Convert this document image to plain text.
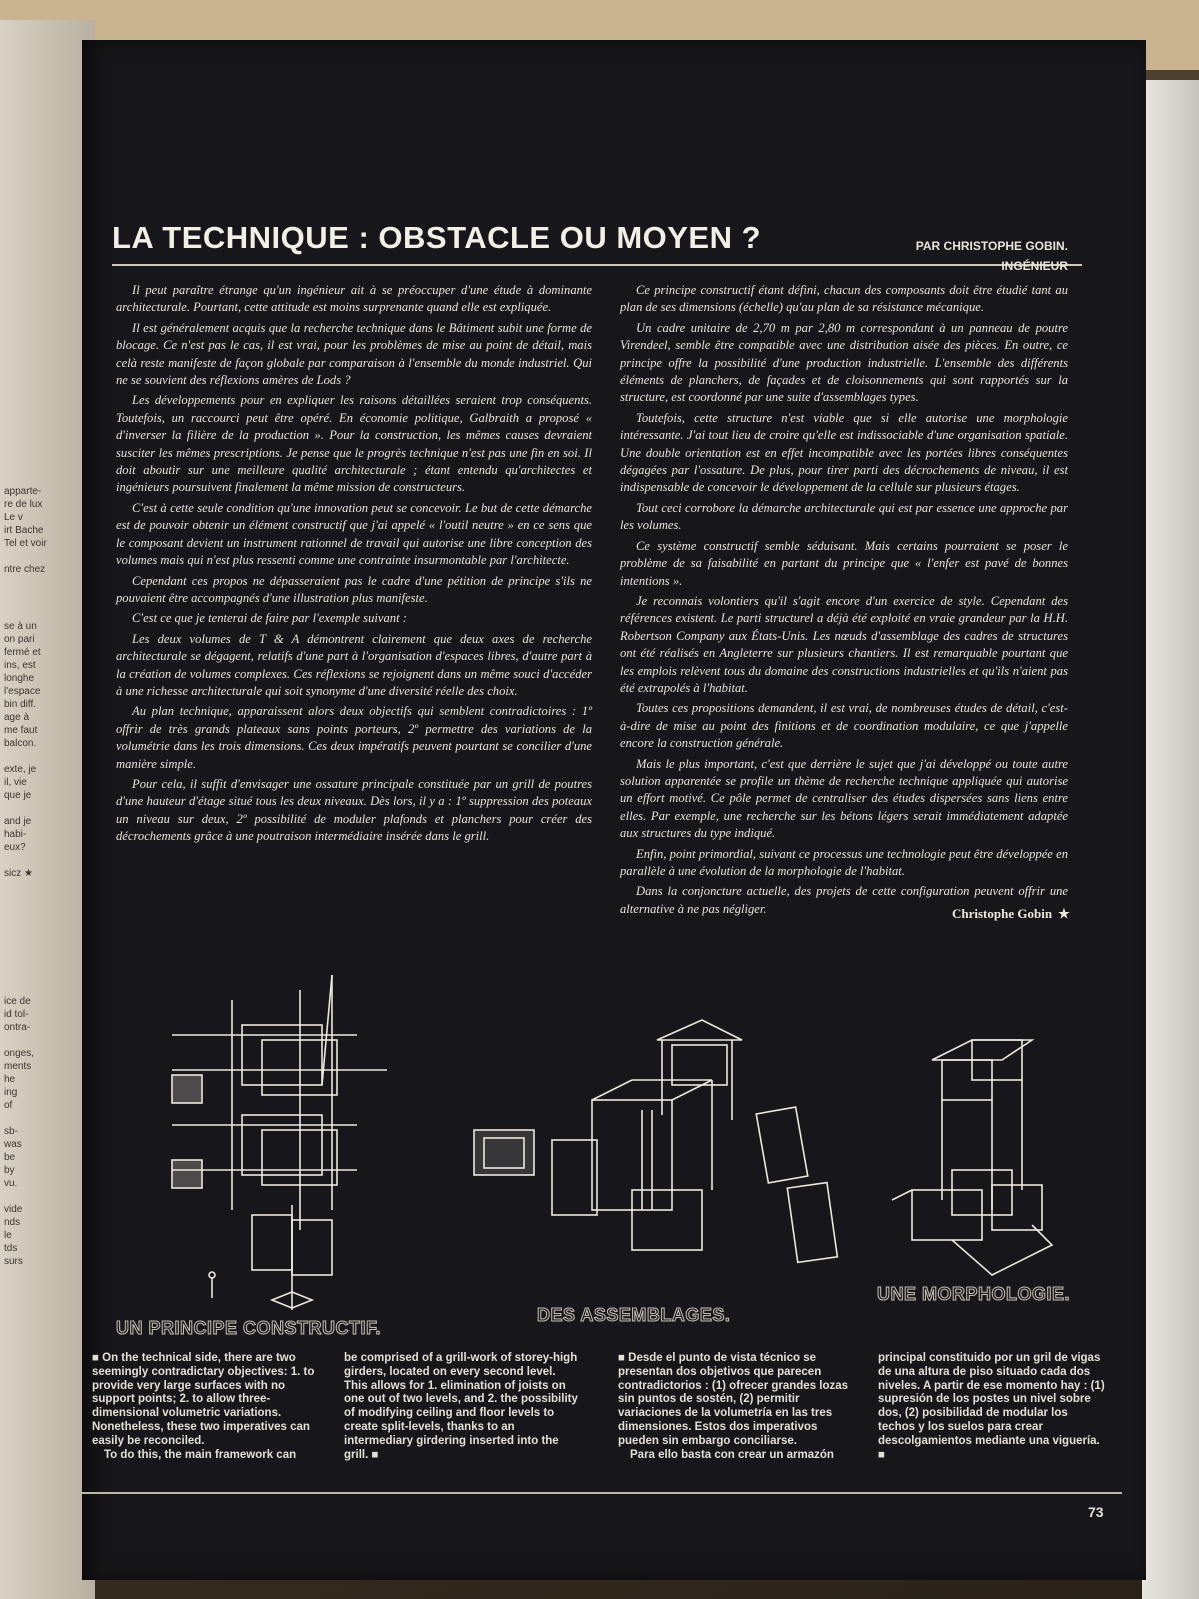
apparte-
re de lux
Le v
irt Bache
Tel et voir

ntre chez
se à un
on pari
fermé et
ins, est
longhe
l'espace
bin diff.
age à
me faut
balcon.

exte, je
il, vie
que je

and je
habi-
eux?

sicz ★
ice de
id tol-
ontra-

onges,
ments
he
ing
of

sb-
was
be
by
vu.

vide
nds
le
tds
surs
LA TECHNIQUE : OBSTACLE OU MOYEN ?	PAR CHRISTOPHE GOBIN.
INGÉNIEUR

Il peut paraître étrange qu'un ingénieur ait à se préoccuper d'une étude à dominante architecturale. Pourtant, cette attitude est moins surprenante quand elle est expliquée.

Il est généralement acquis que la recherche technique dans le Bâtiment subit une forme de blocage. Ce n'est pas le cas, il est vrai, pour les problèmes de mise au point de détail, mais celà reste manifeste de façon globale par comparaison à l'ensemble du monde industriel. Qui ne se souvient des réflexions amères de Lods ?

Les développements pour en expliquer les raisons détaillées seraient trop conséquents. Toutefois, un raccourci peut être opéré. En économie politique, Galbraith a proposé « d'inverser la filière de la production ». Pour la construction, les mêmes causes devraient susciter les mêmes prescriptions. Je pense que le progrès technique n'est pas une fin en soi. Il doit aboutir sur une meilleure qualité architecturale ; étant entendu qu'architectes et ingénieurs poursuivent finalement la même mission de constructeurs.

C'est à cette seule condition qu'une innovation peut se concevoir. Le but de cette démarche est de pouvoir obtenir un élément constructif que j'ai appelé « l'outil neutre » en ce sens que le composant devient un instrument rationnel de travail qui autorise une libre conception des volumes mais qui n'est plus ressenti comme une contrainte insurmontable par l'architecte.

Cependant ces propos ne dépasseraient pas le cadre d'une pétition de principe s'ils ne pouvaient être accompagnés d'une illustration plus manifeste.

C'est ce que je tenterai de faire par l'exemple suivant :

Les deux volumes de T & A démontrent clairement que deux axes de recherche architecturale se dégagent, relatifs d'une part à l'organisation d'espaces libres, d'autre part à la création de volumes complexes. Ces réflexions se rejoignent dans un même souci d'accéder à une richesse architecturale qui soit synonyme d'une diversité réelle des choix.

Au plan technique, apparaissent alors deux objectifs qui semblent contradictoires : 1º offrir de très grands plateaux sans points porteurs, 2º permettre des variations de la volumétrie dans les trois dimensions. Ces deux impératifs peuvent pourtant se concilier d'une manière simple.

Pour cela, il suffit d'envisager une ossature principale constituée par un grill de poutres d'une hauteur d'étage situé tous les deux niveaux. Dès lors, il y a : 1º suppression des poteaux un niveau sur deux, 2º possibilité de moduler plafonds et planchers pour créer des décrochements grâce à une poutraison intermédiaire insérée dans le grill.

Ce principe constructif étant défini, chacun des composants doit être étudié tant au plan de ses dimensions (échelle) qu'au plan de sa résistance mécanique.

Un cadre unitaire de 2,70 m par 2,80 m correspondant à un panneau de poutre Virendeel, semble être compatible avec une distribution aisée des pièces. En outre, ce principe offre la possibilité d'une production industrielle. L'ensemble des différents éléments de planchers, de façades et de cloisonnements qui sont rapportés sur la structure, est coordonné par une suite d'assemblages types.

Toutefois, cette structure n'est viable que si elle autorise une morphologie intéressante. J'ai tout lieu de croire qu'elle est indissociable d'une organisation spatiale. Une double orientation est en effet incompatible avec les portées libres conséquentes dégagées par l'ossature. De plus, pour tirer parti des décrochements de niveau, il est indispensable de concevoir le développement de la cellule sur plusieurs étages.

Tout ceci corrobore la démarche architecturale qui est par essence une approche par les volumes.

Ce système constructif semble séduisant. Mais certains pourraient se poser le problème de sa faisabilité en partant du principe que « l'enfer est pavé de bonnes intentions ».

Je reconnais volontiers qu'il s'agit encore d'un exercice de style. Cependant des références existent. Le parti structurel a déjà été exploité en vraie grandeur par la H.H. Robertson Company aux États-Unis. Les nœuds d'assemblage des cadres de structures ont été réalisés en Angleterre sur plusieurs chantiers. Il est remarquable pourtant que les emplois relèvent tous du domaine des constructions industrielles et qu'ils n'aient pas été extrapolés à l'habitat.

Toutes ces propositions demandent, il est vrai, de nombreuses études de détail, c'est-à-dire de mise au point des finitions et de coordination modulaire, ce que j'appelle encore la construction générale.

Mais le plus important, c'est que derrière le sujet que j'ai développé ou toute autre solution apparentée se profile un thème de recherche technique appliquée qui autorise un effort motivé. Ce pôle permet de centraliser des études dispersées sans liens entre elles. Par exemple, une recherche sur les bétons légers serait immédiatement adaptée aux structures du type indiqué.

Enfin, point primordial, suivant ce processus une technologie peut être développée en parallèle à une évolution de la morphologie de l'habitat.

Dans la conjoncture actuelle, des projets de cette configuration peuvent offrir une alternative à ne pas négliger.	Christophe Gobin ★
UN PRINCIPE CONSTRUCTIF.
DES ASSEMBLAGES.
UNE MORPHOLOGIE.

■ On the technical side, there are two seemingly contradictary objectives: 1. to provide very large surfaces with no support points; 2. to allow three-dimensional volumetric variations. Nonetheless, these two imperatives can easily be reconciled.

To do this, the main framework can

be comprised of a grill-work of storey-high girders, located on every second level. This allows for 1. elimination of joists on one out of two levels, and 2. the possibility of modifying ceiling and floor levels to create split-levels, thanks to an intermediary girdering inserted into the grill. ■

■ Desde el punto de vista técnico se presentan dos objetivos que parecen contradictorios : (1) ofrecer grandes lozas sin puntos de sostén, (2) permitir variaciones de la volumetría en las tres dimensiones. Estos dos imperativos pueden sin embargo conciliarse.

Para ello basta con crear un armazón

principal constituido por un gril de vigas de una altura de piso situado cada dos niveles. A partir de ese momento hay : (1) supresión de los postes un nivel sobre dos, (2) posibilidad de modular los techos y los suelos para crear descolgamientos mediante una viguería. ■

73
